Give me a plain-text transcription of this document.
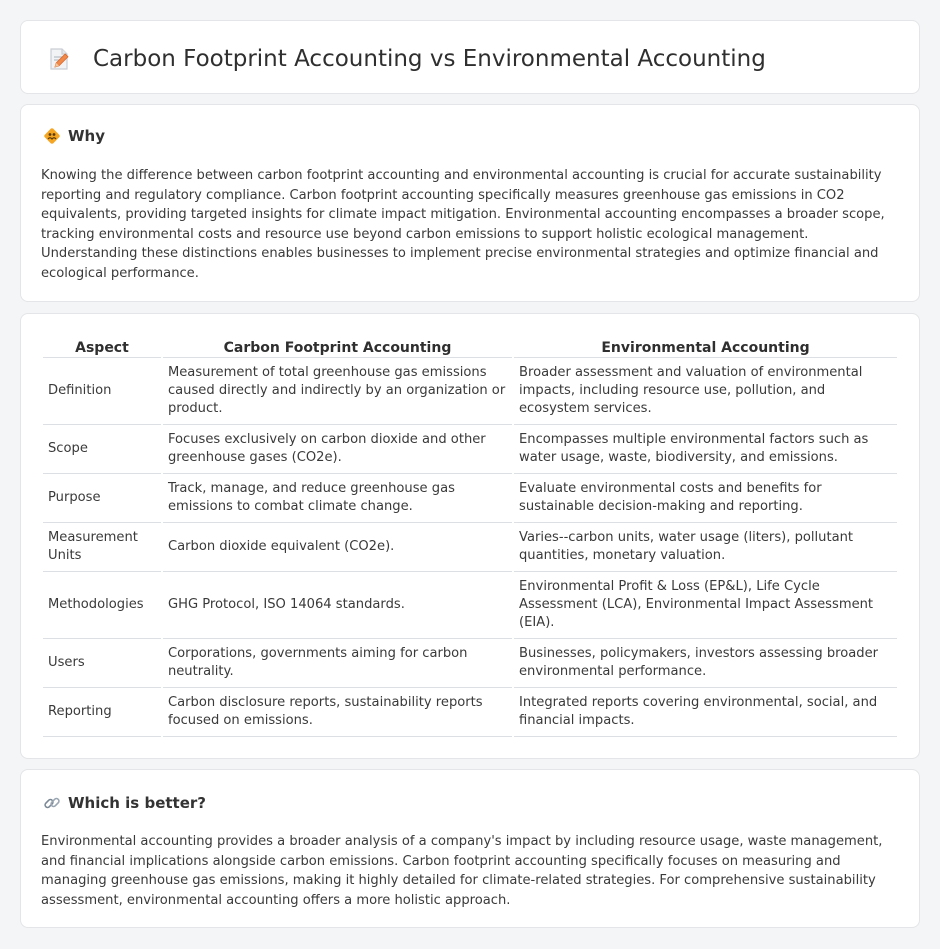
Carbon Footprint Accounting vs Environmental Accounting
Why

Knowing the difference between carbon footprint accounting and environmental accounting is crucial for accurate sustainability reporting and regulatory compliance. Carbon footprint accounting specifically measures greenhouse gas emissions in CO2 equivalents, providing targeted insights for climate impact mitigation. Environmental accounting encompasses a broader scope, tracking environmental costs and resource use beyond carbon emissions to support holistic ecological management. Understanding these distinctions enables businesses to implement precise environmental strategies and optimize financial and ecological performance.

Aspect	Carbon Footprint Accounting	Environmental Accounting
Definition	Measurement of total greenhouse gas emissions caused directly and indirectly by an organization or product.	Broader assessment and valuation of environmental impacts, including resource use, pollution, and ecosystem services.
Scope	Focuses exclusively on carbon dioxide and other greenhouse gases (CO2e).	Encompasses multiple environmental factors such as water usage, waste, biodiversity, and emissions.
Purpose	Track, manage, and reduce greenhouse gas emissions to combat climate change.	Evaluate environmental costs and benefits for sustainable decision-making and reporting.
Measurement Units	Carbon dioxide equivalent (CO2e).	Varies--carbon units, water usage (liters), pollutant quantities, monetary valuation.
Methodologies	GHG Protocol, ISO 14064 standards.	Environmental Profit & Loss (EP&L), Life Cycle Assessment (LCA), Environmental Impact Assessment (EIA).
Users	Corporations, governments aiming for carbon neutrality.	Businesses, policymakers, investors assessing broader environmental performance.
Reporting	Carbon disclosure reports, sustainability reports focused on emissions.	Integrated reports covering environmental, social, and financial impacts.
Which is better?

Environmental accounting provides a broader analysis of a company's impact by including resource usage, waste management, and financial implications alongside carbon emissions. Carbon footprint accounting specifically focuses on measuring and managing greenhouse gas emissions, making it highly detailed for climate-related strategies. For comprehensive sustainability assessment, environmental accounting offers a more holistic approach.
